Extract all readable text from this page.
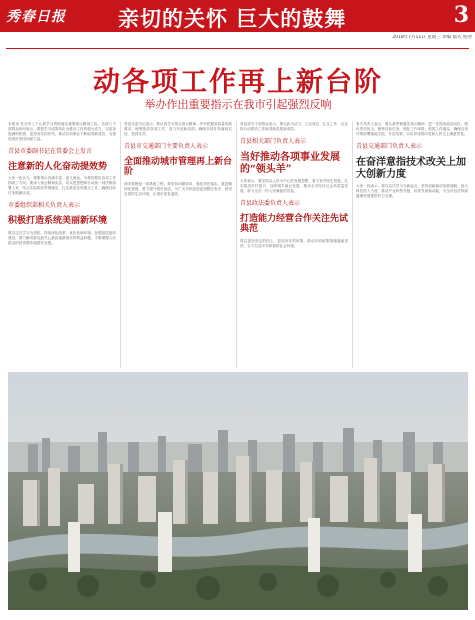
秀春日报 亲切的关怀 巨大的鼓舞	3
2018年7月11日 星期三 责编 版式 校对
动各项工作再上新台阶
举办作出重要指示在我市引起强烈反响

本报讯 在全市上下认真学习贯彻落实重要指示精神之际，各部门干部群众纷纷表示，要把学习成果转化为推动工作的强大动力，以更加饱满的热情、更加务实的作风，推动各项事业不断取得新成效，为建设美好家园贡献力量。

青县市委副书记在常委会上发言
注意新的人化奋动提效势

大家一致认为，重要指示内涵丰富、意义深远，为我们做好各项工作指明了方向。要深入领会精神实质，切实把思想和行动统一到决策部署上来，结合实际抓好贯彻落实，扎实推进各项重点工作，确保目标任务圆满完成。

市委组织部相关负责人表示
积极打造系统美丽新环境

要以这次学习为契机，持续深化改革，优化营商环境，加强基层组织建设，着力解决群众最关心最直接最现实的利益问题，不断增强人民群众的获得感幸福感安全感。

青县市委书记表示，要认真学习领会指示精神，牢牢把握高质量发展要求，统筹推进各项工作，奋力开创新局面，确保各项任务落到实处、见到实效。

青县市交通部门主要负责人表示
全面推动城市管理再上新台阶

城市管理是一项系统工程，要坚持问题导向，强化责任落实，推进精细化管理，着力提升城市品质，为广大市民创造更加整洁有序、舒适宜居的生活环境，让城市更有温度。

青县部分干部群众表示，要以此为动力，立足岗位、扎实工作，以实际行动推动工作取得新进展新成效。

青县相关部门负责人表示
当好推动各项事业发展的“领头羊”

大家表示，要坚持以人民为中心的发展思想，着力补齐民生短板，扎实推进乡村振兴，加快城乡融合发展，推动全市经济社会高质量发展，努力交出一份人民满意的答卷。

青县政法委负责人表示
打造能力经营合作关注先试典范

将以更加坚定的信心、更加务实的举措，推动各项政策措施落地见效，全力打造平安和谐的社会环境。

有关负责人表示，要认真贯彻落实指示精神，进一步提高政治站位，强化责任担当，聚焦目标任务，细化工作举措，狠抓工作落实，确保各项决策部署落地生根、开花结果，以优异成绩向党和人民交上满意答卷。

青县交通部门负责人表示
在奋洋意指技术改关上加大创新力度

大家一致表示，将以这次学习为新起点，坚持创新驱动发展战略，加大科技投入力度，推动产业转型升级，培育发展新动能，为全市经济持续健康发展提供有力支撑。
